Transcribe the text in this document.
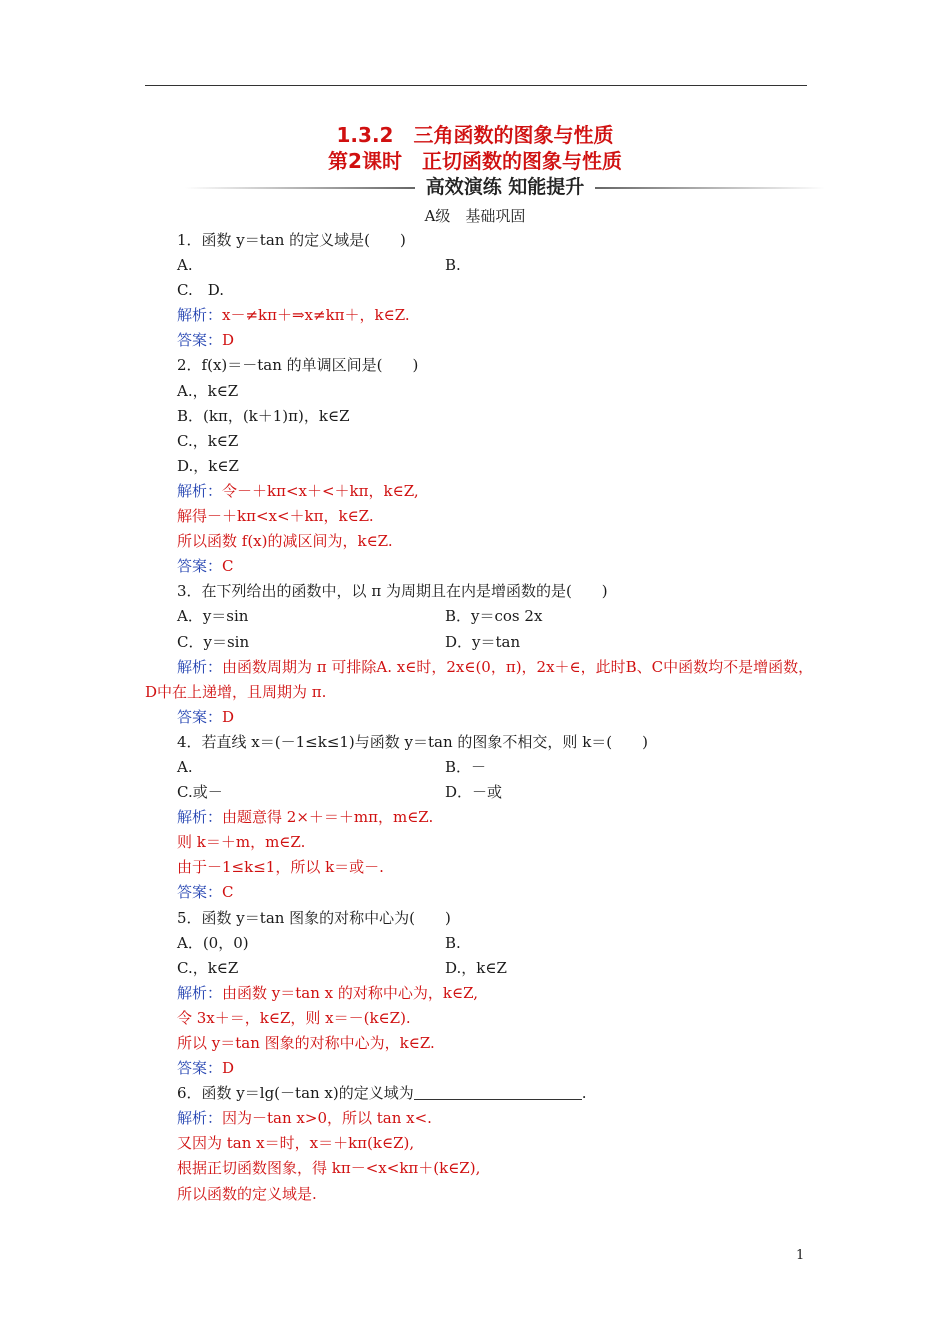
1.3.2　三角函数的图象与性质
第2课时　正切函数的图象与性质
高效演练 知能提升
A级　基础巩固
1．函数 y＝tan 的定义域是(　　)
A.	B.
C.　D.
解析：x－≠kπ＋⇒x≠kπ＋，k∈Z.
答案：D
2．f(x)＝－tan 的单调区间是(　　)
A.，k∈Z
B．(kπ，(k＋1)π)，k∈Z
C.，k∈Z
D.，k∈Z
解析：令－＋kπ<x＋<＋kπ，k∈Z,
解得－＋kπ<x<＋kπ，k∈Z.
所以函数 f(x)的减区间为，k∈Z.
答案：C
3．在下列给出的函数中，以 π 为周期且在内是增函数的是(　　)
A．y＝sin	B．y＝cos 2x
C．y＝sin	D．y＝tan
解析：由函数周期为 π 可排除A. x∈时，2x∈(0，π)，2x＋∈，此时B、C中函数均不是增函数，D中在上递增，且周期为 π.
答案：D
4．若直线 x＝(－1≤k≤1)与函数 y＝tan 的图象不相交，则 k＝(　　)
A.	B．－
C.或－	D．－或
解析：由题意得 2×＋＝＋mπ，m∈Z.
则 k＝＋m，m∈Z.
由于－1≤k≤1，所以 k＝或－.
答案：C
5．函数 y＝tan 图象的对称中心为(　　)
A．(0，0)	B.
C.，k∈Z	D.，k∈Z
解析：由函数 y＝tan x 的对称中心为，k∈Z,
令 3x＋＝，k∈Z，则 x＝－(k∈Z).
所以 y＝tan 图象的对称中心为，k∈Z.
答案：D
6．函数 y＝lg(－tan x)的定义域为	.
解析：因为－tan x>0，所以 tan x<.
又因为 tan x＝时，x＝＋kπ(k∈Z),
根据正切函数图象，得 kπ－<x<kπ＋(k∈Z),
所以函数的定义域是.
1
